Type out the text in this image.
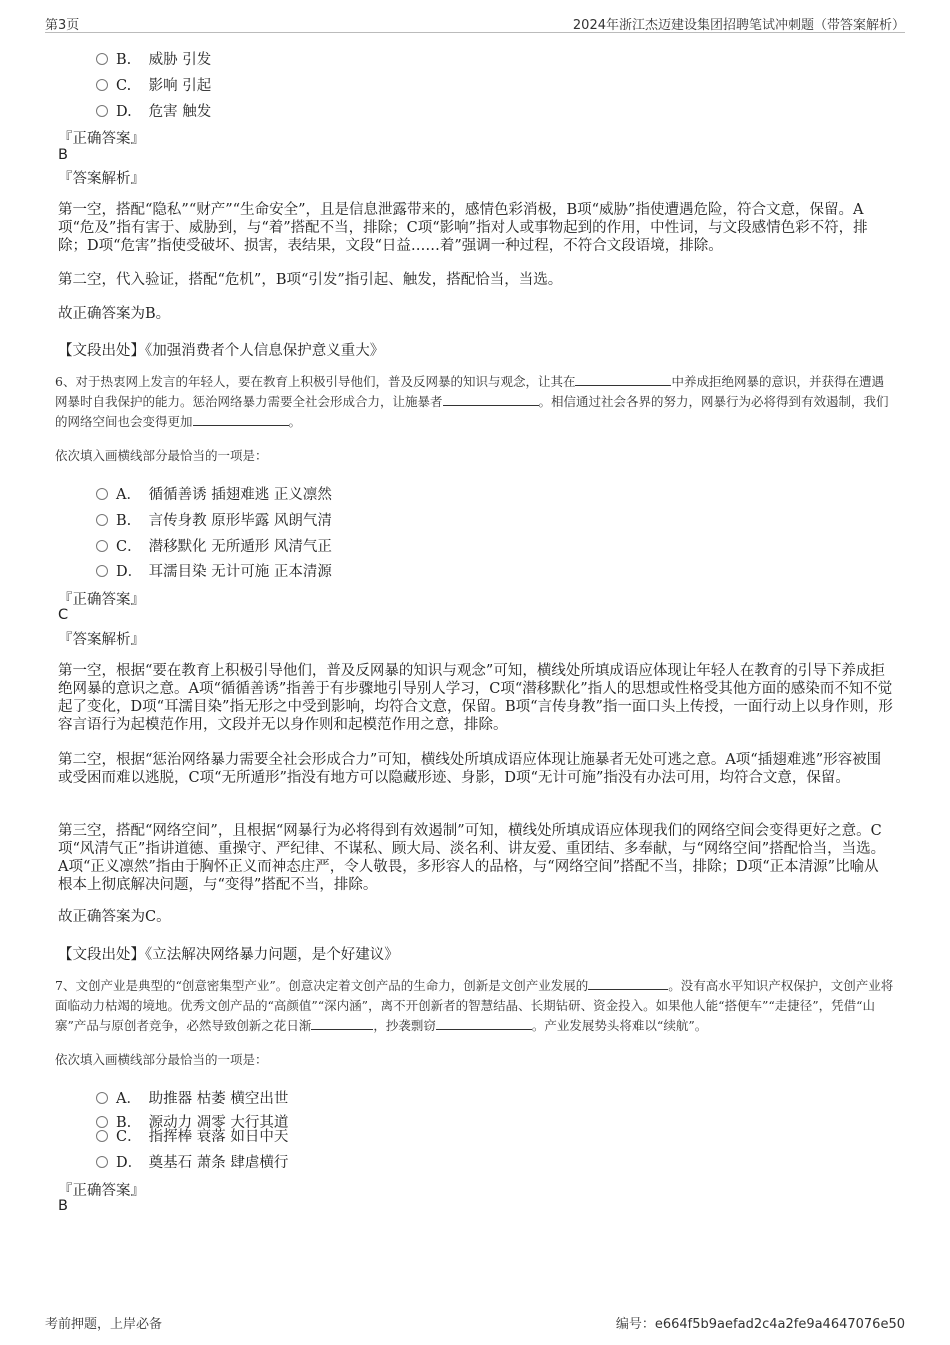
第3页	2024年浙江杰迈建设集团招聘笔试冲刺题（带答案解析）
B. 威胁 引发
C. 影响 引起
D. 危害 触发
『正确答案』
B
『答案解析』
第一空，搭配“隐私”“财产”“生命安全”，且是信息泄露带来的，感情色彩消极，B项“威胁”指使遭遇危险，符合文意，保留。A项“危及”指有害于、威胁到，与“着”搭配不当，排除；C项“影响”指对人或事物起到的作用，中性词，与文段感情色彩不符，排除；D项“危害”指使受破坏、损害，表结果，文段“日益……着”强调一种过程，不符合文段语境，排除。
第二空，代入验证，搭配“危机”，B项“引发”指引起、触发，搭配恰当，当选。
故正确答案为B。
【文段出处】《加强消费者个人信息保护意义重大》
6、对于热衷网上发言的年轻人，要在教育上积极引导他们，普及反网暴的知识与观念，让其在	中养成拒绝网暴的意识，并获得在遭遇网暴时自我保护的能力。惩治网络暴力需要全社会形成合力，让施暴者	。相信通过社会各界的努力，网暴行为必将得到有效遏制，我们的网络空间也会变得更加	。
依次填入画横线部分最恰当的一项是：
A． 循循善诱 插翅难逃 正义凛然
B. 言传身教 原形毕露 风朗气清
C． 潜移默化 无所遁形 风清气正
D． 耳濡目染 无计可施 正本清源
『正确答案』
C
『答案解析』
第一空，根据“要在教育上积极引导他们，普及反网暴的知识与观念”可知，横线处所填成语应体现让年轻人在教育的引导下养成拒绝网暴的意识之意。A项“循循善诱”指善于有步骤地引导别人学习，C项“潜移默化”指人的思想或性格受其他方面的感染而不知不觉起了变化，D项“耳濡目染”指无形之中受到影响，均符合文意，保留。B项“言传身教”指一面口头上传授，一面行动上以身作则，形容言语行为起模范作用，文段并无以身作则和起模范作用之意，排除。
第二空，根据“惩治网络暴力需要全社会形成合力”可知，横线处所填成语应体现让施暴者无处可逃之意。A项“插翅难逃”形容被围或受困而难以逃脱，C项“无所遁形”指没有地方可以隐藏形迹、身影，D项“无计可施”指没有办法可用，均符合文意，保留。
第三空，搭配“网络空间”，且根据“网暴行为必将得到有效遏制”可知，横线处所填成语应体现我们的网络空间会变得更好之意。C项“风清气正”指讲道德、重操守、严纪律、不谋私、顾大局、淡名利、讲友爱、重团结、多奉献，与“网络空间”搭配恰当，当选。A项“正义凛然”指由于胸怀正义而神态庄严，令人敬畏，多形容人的品格，与“网络空间”搭配不当，排除；D项“正本清源”比喻从根本上彻底解决问题，与“变得”搭配不当，排除。
故正确答案为C。
【文段出处】《立法解决网络暴力问题，是个好建议》
7、文创产业是典型的“创意密集型产业”。创意决定着文创产品的生命力，创新是文创产业发展的	。没有高水平知识产权保护，文创产业将面临动力枯竭的境地。优秀文创产品的“高颜值”“深内涵”，离不开创新者的智慧结晶、长期钻研、资金投入。如果他人能“搭便车”“走捷径”，凭借“山寨”产品与原创者竞争，必然导致创新之花日渐	，抄袭剽窃	。产业发展势头将难以“续航”。
依次填入画横线部分最恰当的一项是：
A． 助推器 枯萎 横空出世
B. 源动力 凋零 大行其道
C． 指挥棒 衰落 如日中天
D． 奠基石 萧条 肆虐横行
『正确答案』
B
考前押题，上岸必备	编号：e664f5b9aefad2c4a2fe9a4647076e50
